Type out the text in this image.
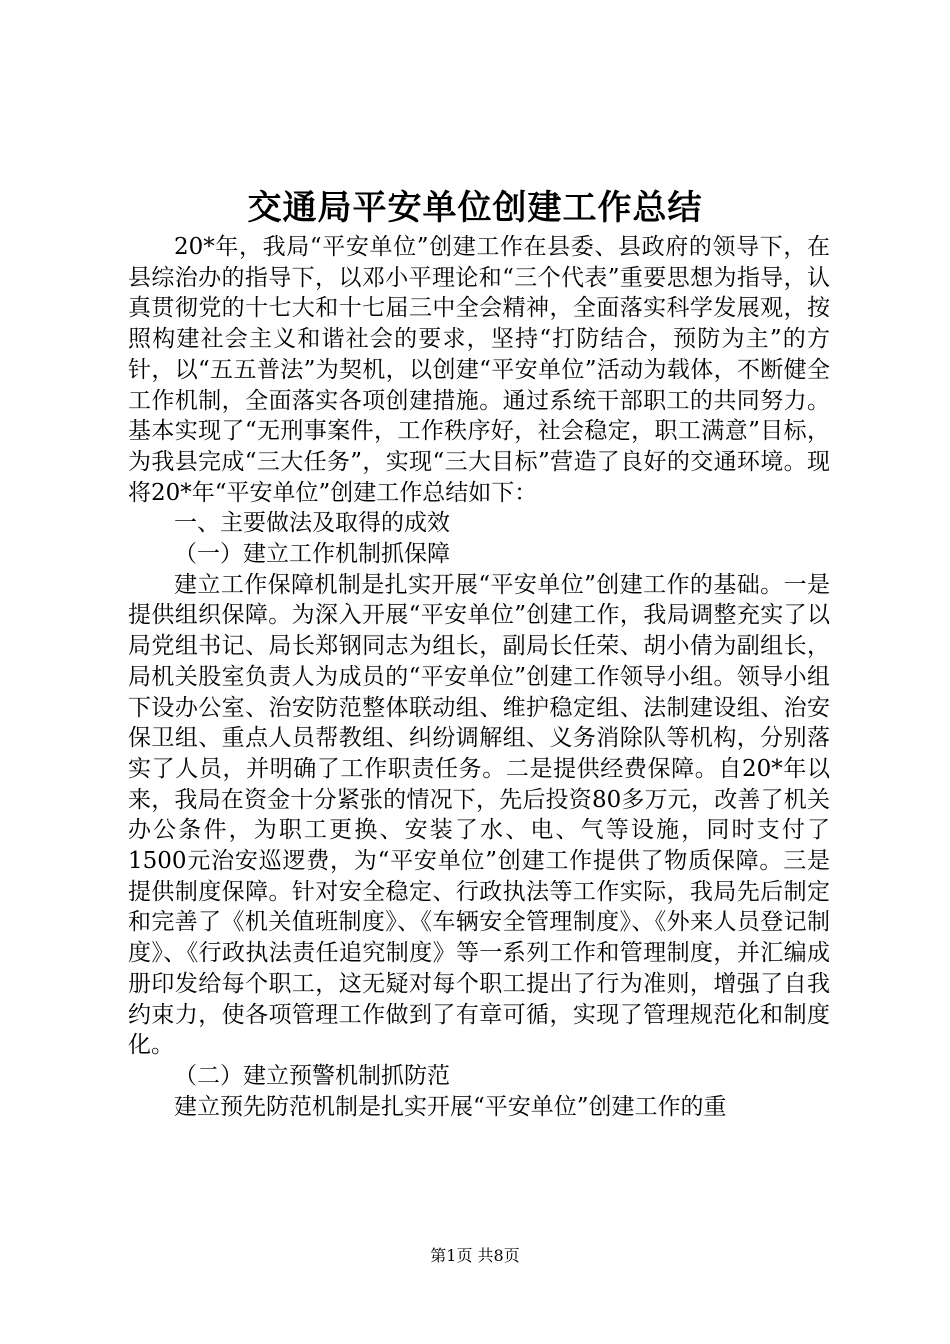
交通局平安单位创建工作总结

20*年，我局“平安单位”创建工作在县委、县政府的领导下，在县综治办的指导下，以邓小平理论和“三个代表”重要思想为指导，认真贯彻党的十七大和十七届三中全会精神，全面落实科学发展观，按照构建社会主义和谐社会的要求，坚持“打防结合，预防为主”的方针，以“五五普法”为契机，以创建“平安单位”活动为载体，不断健全工作机制，全面落实各项创建措施。通过系统干部职工的共同努力。基本实现了“无刑事案件，工作秩序好，社会稳定，职工满意”目标，为我县完成“三大任务”，实现“三大目标”营造了良好的交通环境。现将20*年“平安单位”创建工作总结如下：

一、主要做法及取得的成效

（一）建立工作机制抓保障

建立工作保障机制是扎实开展“平安单位”创建工作的基础。一是提供组织保障。为深入开展“平安单位”创建工作，我局调整充实了以局党组书记、局长郑钢同志为组长，副局长任荣、胡小倩为副组长，局机关股室负责人为成员的“平安单位”创建工作领导小组。领导小组下设办公室、治安防范整体联动组、维护稳定组、法制建设组、治安保卫组、重点人员帮教组、纠纷调解组、义务消除队等机构，分别落实了人员，并明确了工作职责任务。二是提供经费保障。自20*年以来，我局在资金十分紧张的情况下，先后投资80多万元，改善了机关办公条件，为职工更换、安装了水、电、气等设施，同时支付了1500元治安巡逻费，为“平安单位”创建工作提供了物质保障。三是提供制度保障。针对安全稳定、行政执法等工作实际，我局先后制定和完善了《机关值班制度》、《车辆安全管理制度》、《外来人员登记制度》、《行政执法责任追究制度》等一系列工作和管理制度，并汇编成册印发给每个职工，这无疑对每个职工提出了行为准则，增强了自我约束力，使各项管理工作做到了有章可循，实现了管理规范化和制度化。

（二）建立预警机制抓防范

建立预先防范机制是扎实开展“平安单位”创建工作的重

第1页 共8页
